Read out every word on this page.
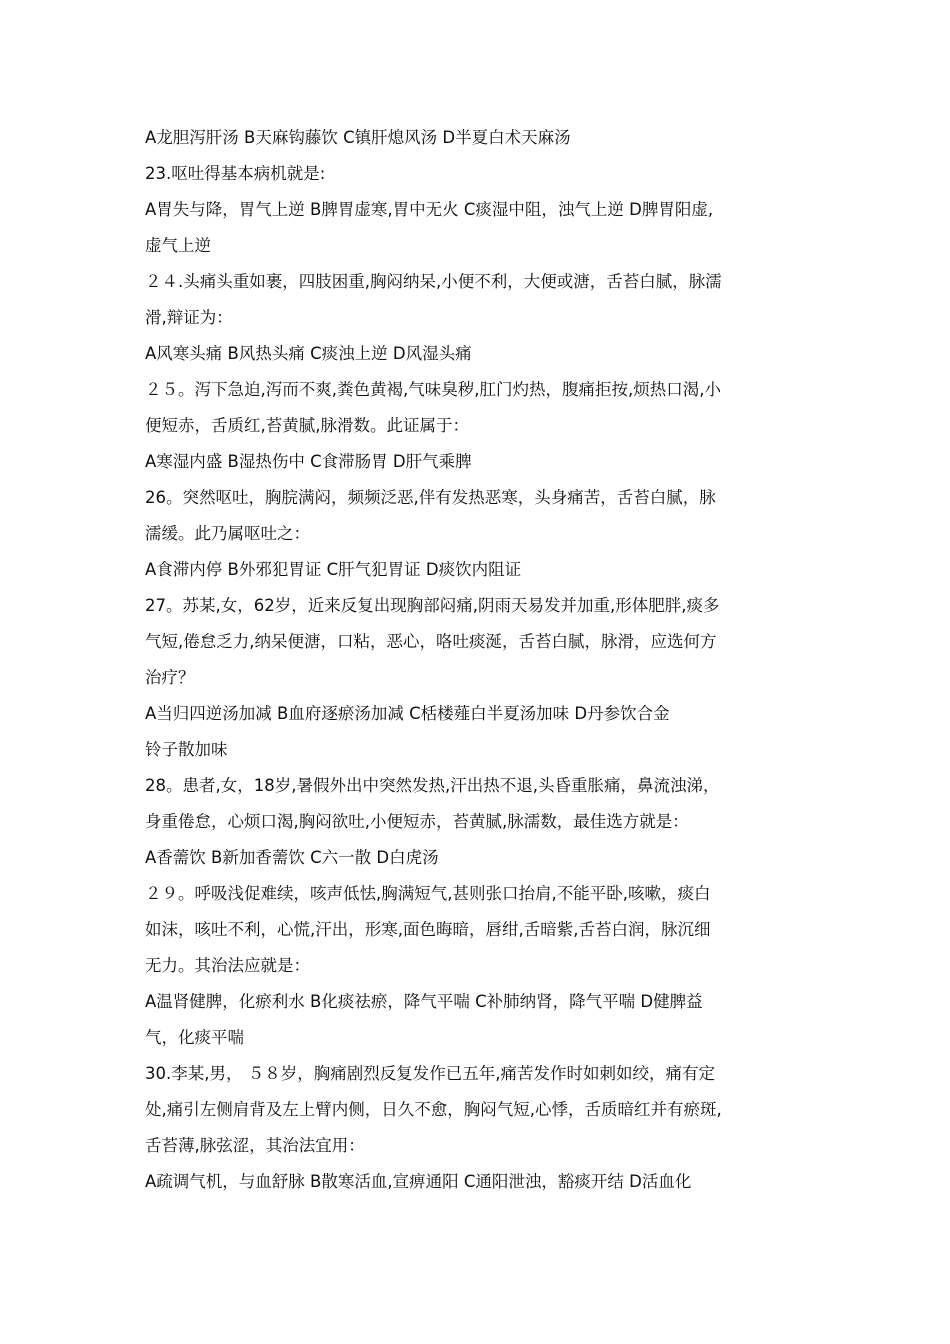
A龙胆泻肝汤 B天麻钩藤饮 C镇肝熄风汤 D半夏白术天麻汤
23.呕吐得基本病机就是:
A胃失与降，胃气上逆 B脾胃虚寒,胃中无火 C痰湿中阻，浊气上逆 D脾胃阳虚,
虚气上逆
２４.头痛头重如裹，四肢困重,胸闷纳呆,小便不利，大便或溏，舌苔白腻，脉濡
滑,辩证为：
A风寒头痛 B风热头痛 C痰浊上逆 D风湿头痛
２５。泻下急迫,泻而不爽,粪色黄褐,气味臭秽,肛门灼热，腹痛拒按,烦热口渴,小
便短赤，舌质红,苔黄腻,脉滑数。此证属于：
A寒湿内盛 B湿热伤中 C食滞肠胃 D肝气乘脾
26。突然呕吐，胸脘满闷，频频泛恶,伴有发热恶寒，头身痛苦，舌苔白腻，脉
濡缓。此乃属呕吐之：
A食滞内停 B外邪犯胃证 C肝气犯胃证 D痰饮内阻证
27。苏某,女，62岁，近来反复出现胸部闷痛,阴雨天易发并加重,形体肥胖,痰多
气短,倦怠乏力,纳呆便溏，口粘，恶心，咯吐痰涎，舌苔白腻，脉滑，应选何方
治疗？
A当归四逆汤加减 B血府逐瘀汤加减 C栝楼薤白半夏汤加味 D丹参饮合金
铃子散加味
28。患者,女，18岁,暑假外出中突然发热,汗出热不退,头昏重胀痛，鼻流浊涕，
身重倦怠，心烦口渴,胸闷欲吐,小便短赤，苔黄腻,脉濡数，最佳选方就是：
A香薷饮 B新加香薷饮 C六一散 D白虎汤
２９。呼吸浅促难续，咳声低怯,胸满短气,甚则张口抬肩,不能平卧,咳嗽，痰白
如沫，咳吐不利，心慌,汗出，形寒,面色晦暗，唇绀,舌暗紫,舌苔白润，脉沉细
无力。其治法应就是：
A温肾健脾，化瘀利水 B化痰祛瘀，降气平喘 C补肺纳肾，降气平喘 D健脾益
气，化痰平喘
30.李某,男， ５８岁，胸痛剧烈反复发作已五年,痛苦发作时如刺如绞，痛有定
处,痛引左侧肩背及左上臂内侧，日久不愈，胸闷气短,心悸，舌质暗红并有瘀斑,
舌苔薄,脉弦涩，其治法宜用：
A疏调气机，与血舒脉 B散寒活血,宣痹通阳 C通阳泄浊，豁痰开结 D活血化
